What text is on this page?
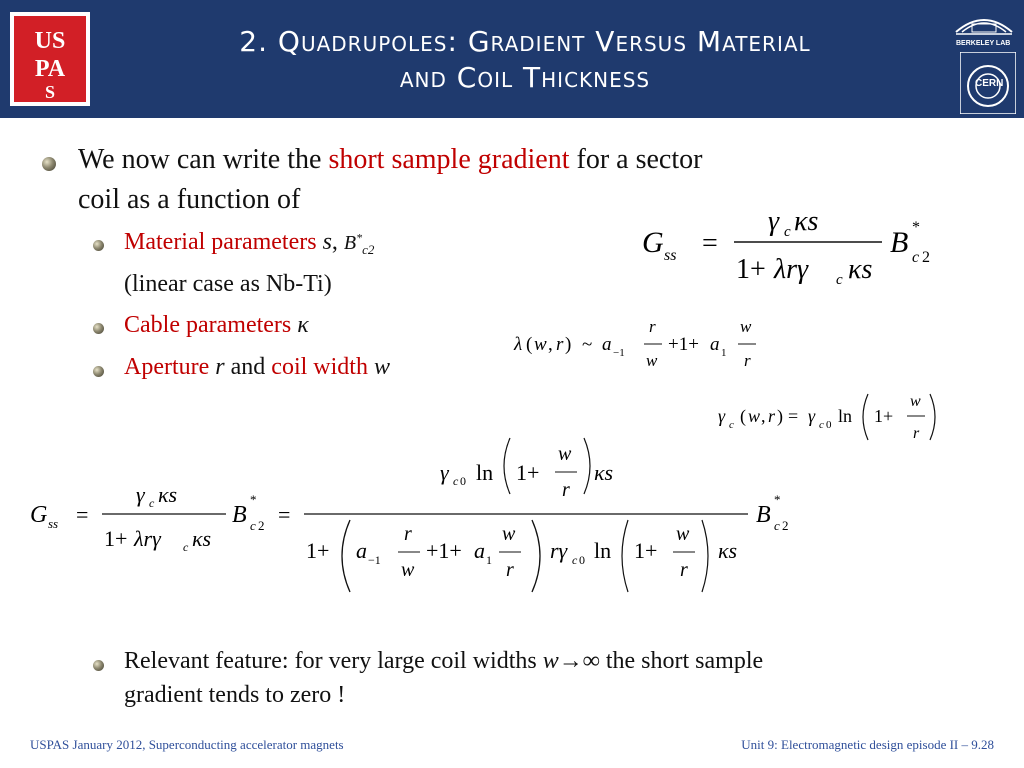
US
PA
S
2. Quadrupoles: Gradient Versus Material
and Coil Thickness
BERKELEY LAB
CERN
We now can write the short sample gradient for a sector
coil as a function of
Material parameters s, $B^*_{c2}$
(linear case as Nb-Ti)
Cable parameters κ
Aperture r and coil width w
G ss =
γ c κs
1+ λrγ c κs
B *
c 2
λ ( w , r ) ~ a −1
r
w
+1+ a 1
w
r
γ c ( w , r ) = γ c 0 ln 1+
w
r
G ss =
γ c κs
1+ λrγ c κs
B
*
c 2 =
γ c 0 ln 1+
w
r
κs
1+ a −1
r
w
+1+ a 1
w
r
rγ c 0 ln 1+
w
r
κs
B
*
c 2
Relevant feature: for very large coil widths w→∞ the short sample
gradient tends to zero !
USPAS January 2012, Superconducting accelerator magnets	Unit 9: Electromagnetic design episode II – 9.28
